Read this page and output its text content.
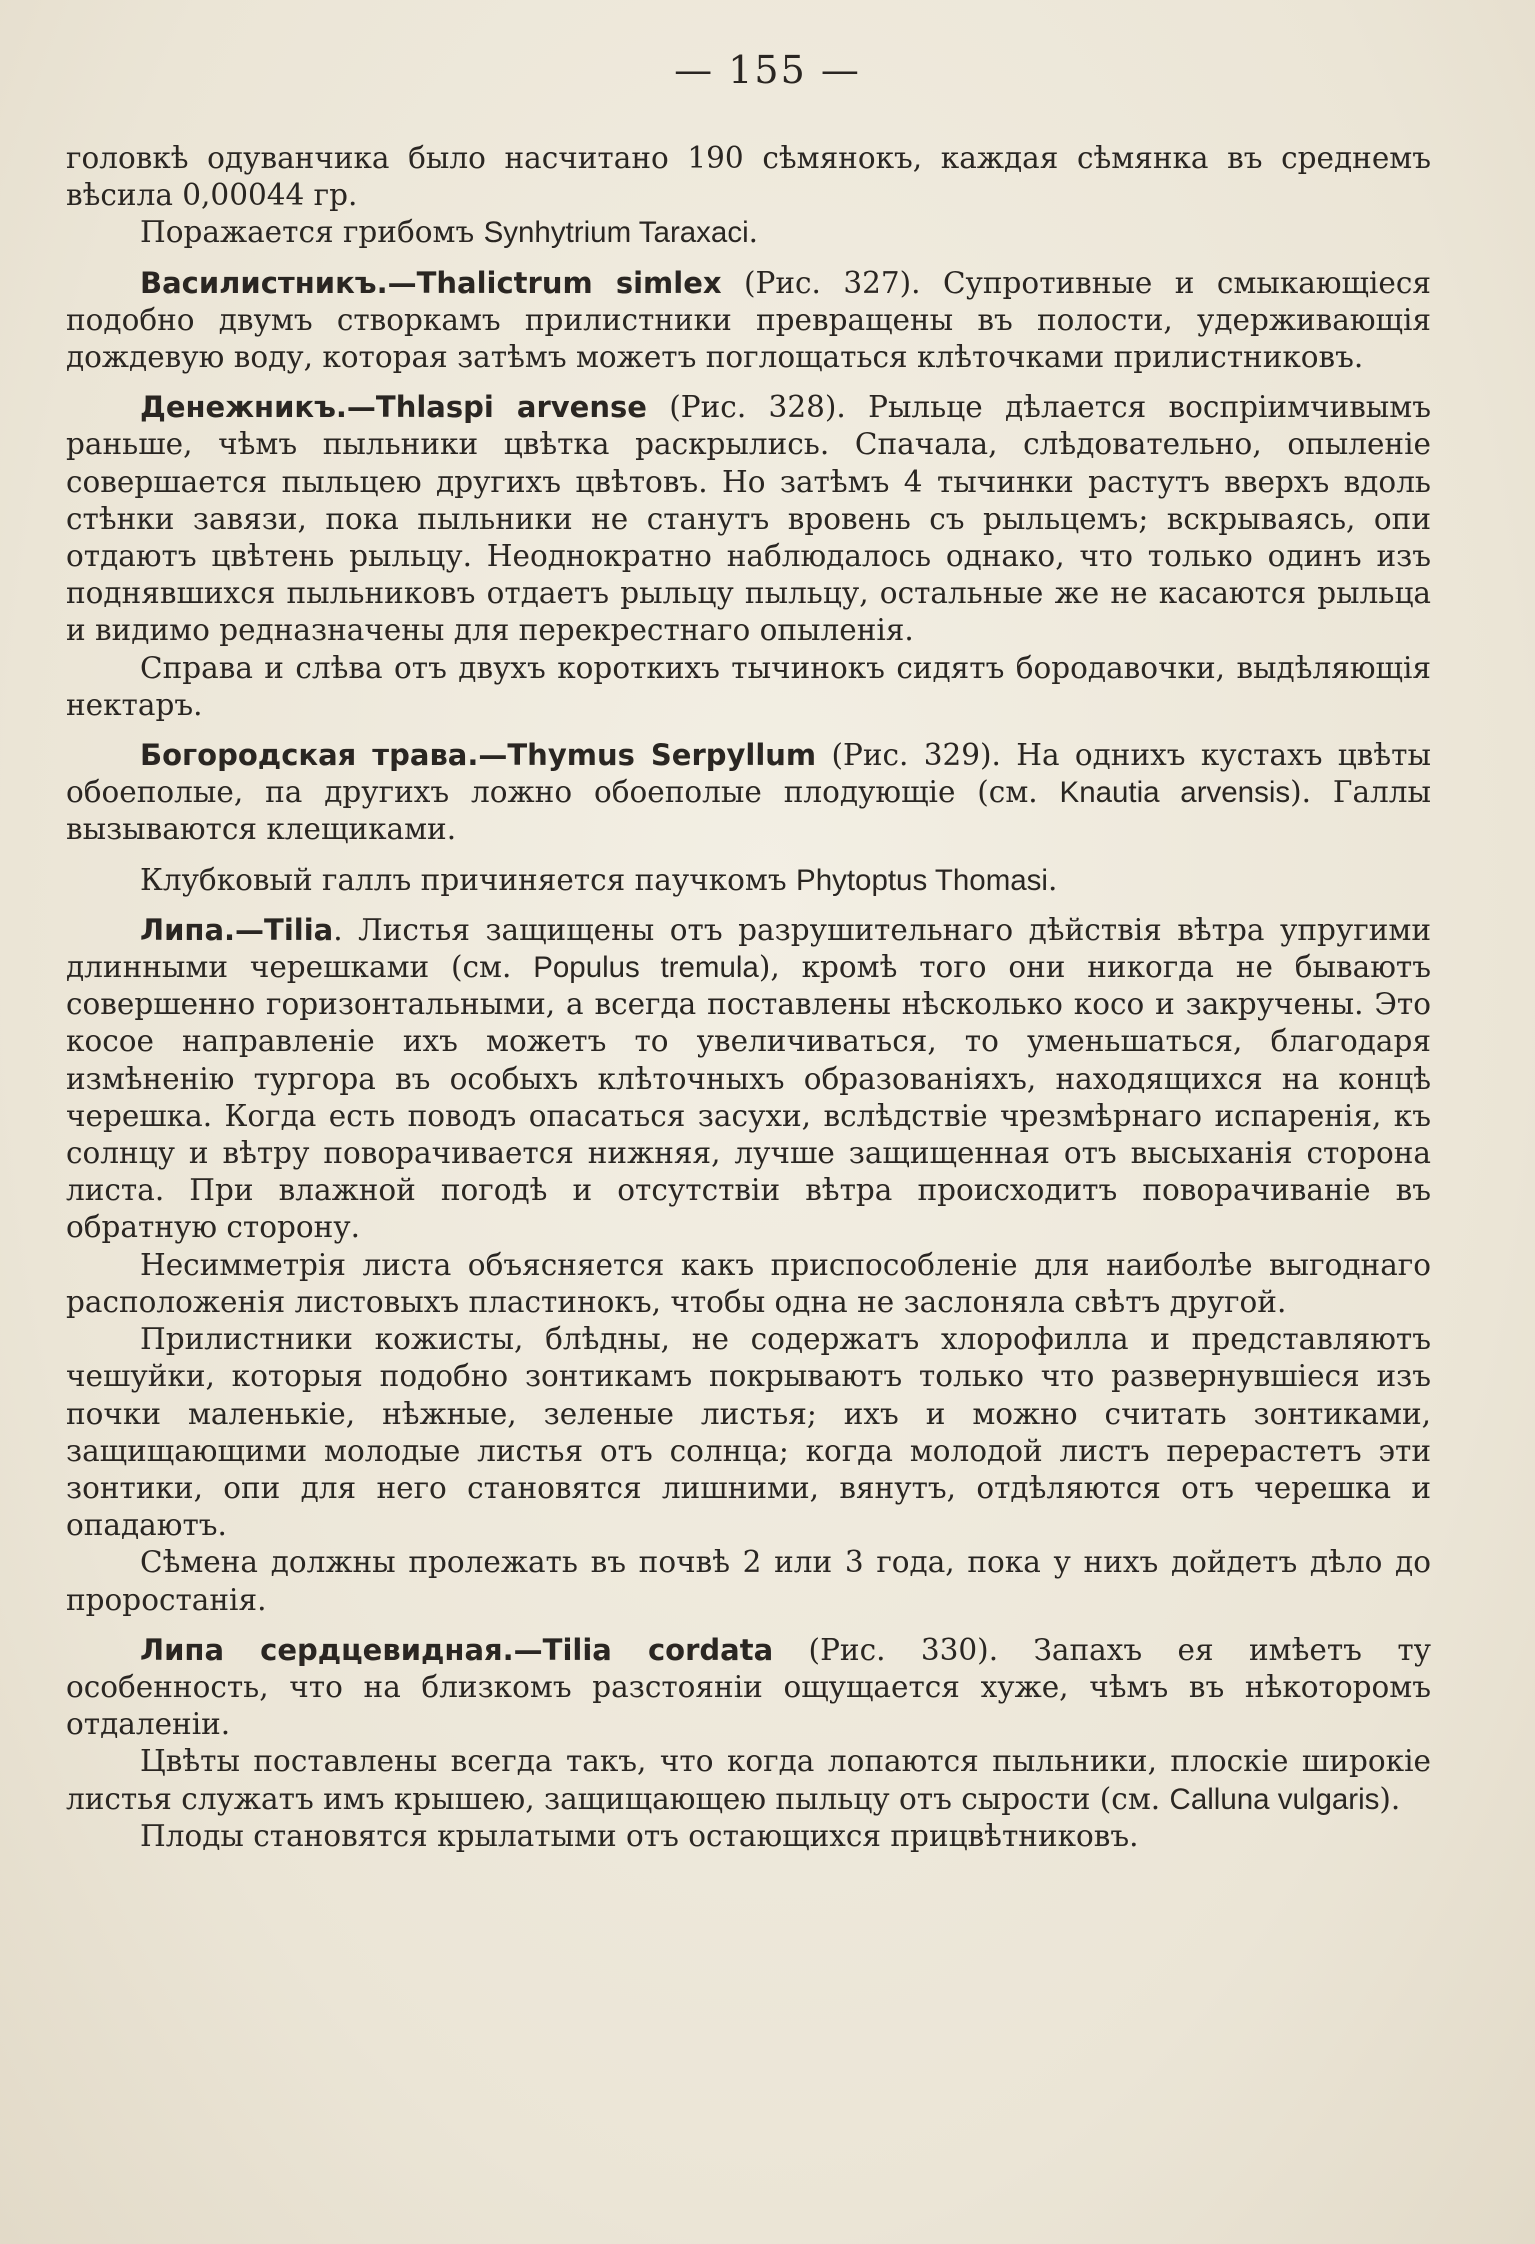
— 155 —

головкѣ одуванчика было насчитано 190 сѣмянокъ, каждая сѣмянка въ среднемъ вѣсила 0,00044 гр.

Поражается грибомъ Synhytrium Taraxaci.

Василистникъ.—Thalictrum simlex (Рис. 327). Супротивные и смыкающiеся подобно двумъ створкамъ прилистники превращены въ полости, удерживающiя дождевую воду, которая затѣмъ можетъ поглощаться клѣточками прилистниковъ.

Денежникъ.—Thlaspi arvense (Рис. 328). Рыльце дѣлается воспрiимчивымъ раньше, чѣмъ пыльники цвѣтка раскрылись. Спачала, слѣдовательно, опыленiе совершается пыльцею другихъ цвѣтовъ. Но затѣмъ 4 тычинки растутъ вверхъ вдоль стѣнки завязи, пока пыльники не станутъ вровень съ рыльцемъ; вскрываясь, опи отдаютъ цвѣтень рыльцу. Неоднократно наблюдалось однако, что только одинъ изъ поднявшихся пыльниковъ отдаетъ рыльцу пыльцу, остальные же не касаются рыльца и видимо редназначены для перекрестнаго опыленiя.

Справа и слѣва отъ двухъ короткихъ тычинокъ сидятъ бородавочки, выдѣляющiя нектаръ.

Богородская трава.—Thymus Serpyllum (Рис. 329). На однихъ кустахъ цвѣты обоеполые, па другихъ ложно обоеполые плодующiе (см. Knautia arvensis). Галлы вызываются клещиками.

Клубковый галлъ причиняется паучкомъ Phytoptus Thomasi.

Липа.—Tilia. Листья защищены отъ разрушительнаго дѣйствiя вѣтра упругими длинными черешками (см. Populus tremula), кромѣ того они никогда не бываютъ совершенно горизонтальными, а всегда поставлены нѣсколько косо и закручены. Это косое направленiе ихъ можетъ то увеличиваться, то уменьшаться, благодаря измѣненiю тургора въ особыхъ клѣточныхъ образованiяхъ, находящихся на концѣ черешка. Когда есть поводъ опасаться засухи, вслѣдствiе чрезмѣрнаго испаренiя, къ солнцу и вѣтру поворачивается нижняя, лучше защищенная отъ высыханiя сторона листа. При влажной погодѣ и отсутствiи вѣтра происходитъ поворачиванiе въ обратную сторону.

Несимметрiя листа объясняется какъ приспособленiе для наиболѣе выгоднаго расположенiя листовыхъ пластинокъ, чтобы одна не заслоняла свѣтъ другой.

Прилистники кожисты, блѣдны, не содержатъ хлорофилла и представляютъ чешуйки, которыя подобно зонтикамъ покрываютъ только что развернувшiеся изъ почки маленькiе, нѣжные, зеленые листья; ихъ и можно считать зонтиками, защищающими молодые листья отъ солнца; когда молодой листъ перерастетъ эти зонтики, опи для него становятся лишними, вянутъ, отдѣляются отъ черешка и опадаютъ.

Сѣмена должны пролежать въ почвѣ 2 или 3 года, пока у нихъ дойдетъ дѣло до проростанiя.

Липа сердцевидная.—Tilia cordata (Рис. 330). Запахъ ея имѣетъ ту особенность, что на близкомъ разстоянiи ощущается хуже, чѣмъ въ нѣкоторомъ отдаленiи.

Цвѣты поставлены всегда такъ, что когда лопаются пыльники, плоскiе широкiе листья служатъ имъ крышею, защищающею пыльцу отъ сырости (см. Calluna vulgaris).

Плоды становятся крылатыми отъ остающихся прицвѣтниковъ.
